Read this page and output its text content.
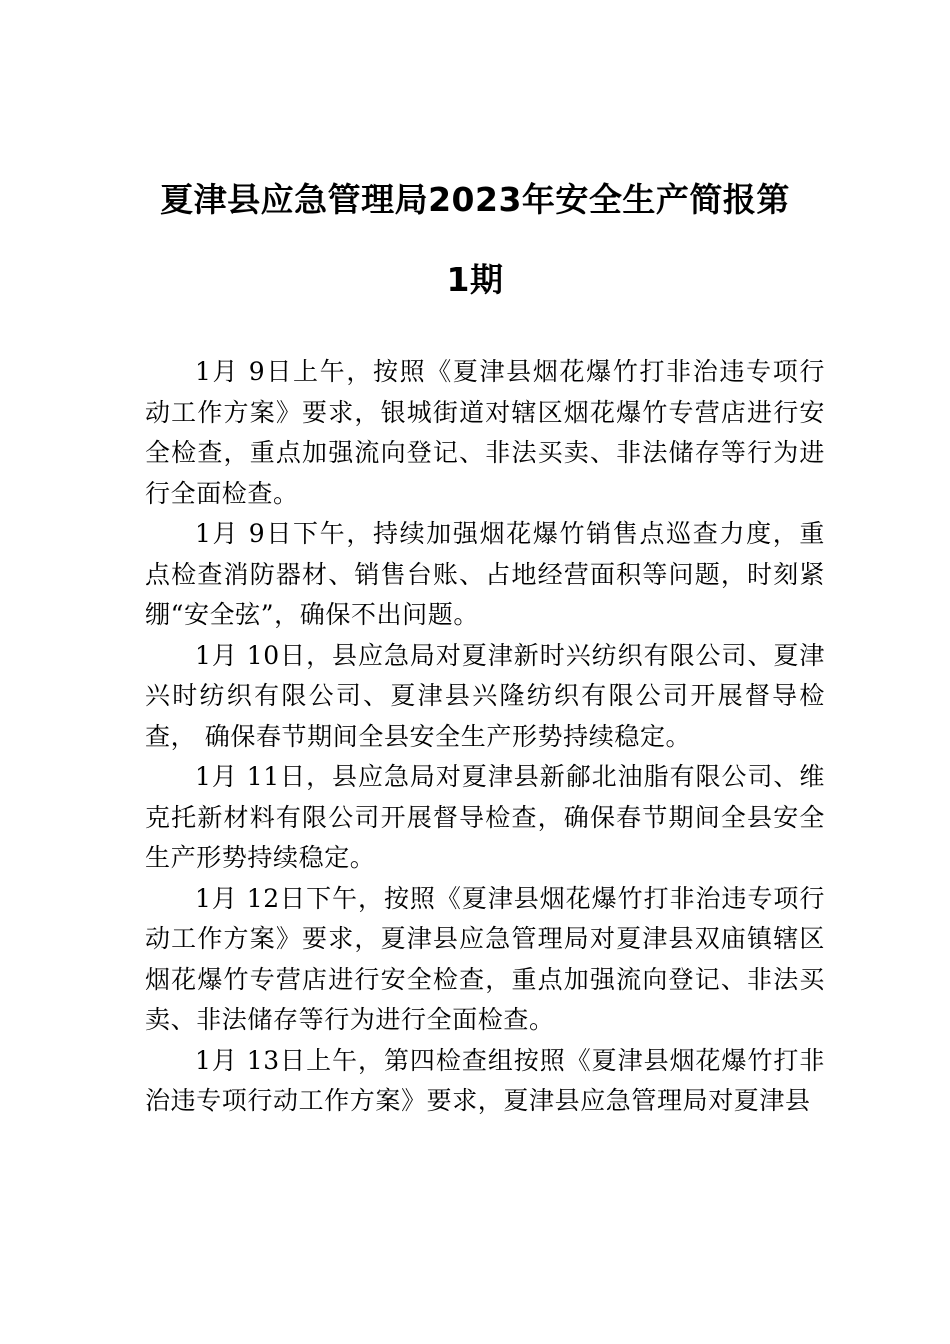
夏津县应急管理局2023年安全生产简报第
1期

1月 9日上午，按照《夏津县烟花爆竹打非治违专项行动工作方案》要求，银城街道对辖区烟花爆竹专营店进行安全检查，重点加强流向登记、非法买卖、非法储存等行为进行全面检查。

1月 9日下午，持续加强烟花爆竹销售点巡查力度，重点检查消防器材、销售台账、占地经营面积等问题，时刻紧绷“安全弦”，确保不出问题。

1月 10日，县应急局对夏津新时兴纺织有限公司、夏津兴时纺织有限公司、夏津县兴隆纺织有限公司开展督导检查， 确保春节期间全县安全生产形势持续稳定。

1月 11日，县应急局对夏津县新鄃北油脂有限公司、维克托新材料有限公司开展督导检查，确保春节期间全县安全生产形势持续稳定。

1月 12日下午，按照《夏津县烟花爆竹打非治违专项行动工作方案》要求，夏津县应急管理局对夏津县双庙镇辖区烟花爆竹专营店进行安全检查，重点加强流向登记、非法买卖、非法储存等行为进行全面检查。

1月 13日上午，第四检查组按照《夏津县烟花爆竹打非治违专项行动工作方案》要求，夏津县应急管理局对夏津县
